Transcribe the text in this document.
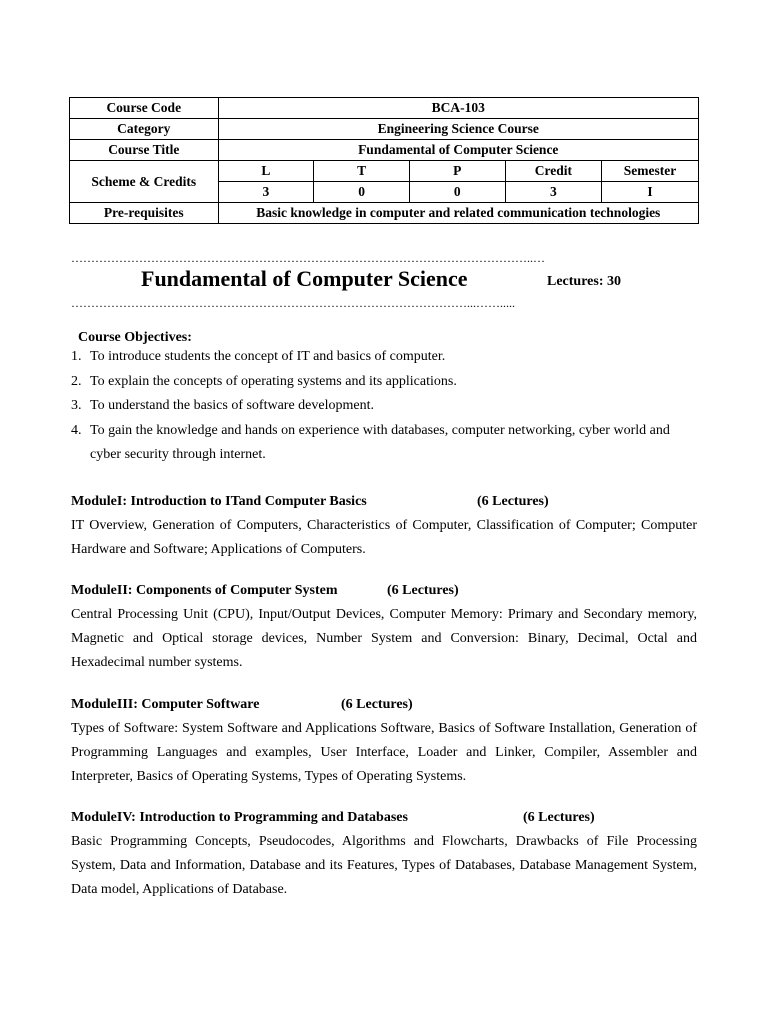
Course Code	BCA-103				
Category	Engineering Science Course				
Course Title	Fundamental of Computer Science				
Scheme & Credits	L	T	P	Credit	Semester
	3	0	0	3	I
Pre-requisites	Basic knowledge in computer and related communication technologies				
……………………………………………………………………………………………………..…
Fundamental of Computer Science	Lectures: 30
………………………………………………………………………………………...…….....
Course Objectives:
1. To introduce students the concept of IT and basics of computer.
2. To explain the concepts of operating systems and its applications.
3. To understand the basics of software development.
4. To gain the knowledge and hands on experience with databases, computer networking, cyber world and cyber security through internet.
ModuleI: Introduction to ITand Computer Basics	(6 Lectures)

IT Overview, Generation of Computers, Characteristics of Computer, Classification of Computer; Computer Hardware and Software; Applications of Computers.

ModuleII: Components of Computer System	(6 Lectures)

Central Processing Unit (CPU), Input/Output Devices, Computer Memory: Primary and Secondary memory, Magnetic and Optical storage devices, Number System and Conversion: Binary, Decimal, Octal and Hexadecimal number systems.

ModuleIII: Computer Software	(6 Lectures)

Types of Software: System Software and Applications Software, Basics of Software Installation, Generation of Programming Languages and examples, User Interface, Loader and Linker, Compiler, Assembler and Interpreter, Basics of Operating Systems, Types of Operating Systems.

ModuleIV: Introduction to Programming and Databases	(6 Lectures)

Basic Programming Concepts, Pseudocodes, Algorithms and Flowcharts, Drawbacks of File Processing System, Data and Information, Database and its Features, Types of Databases, Database Management System, Data model, Applications of Database.
